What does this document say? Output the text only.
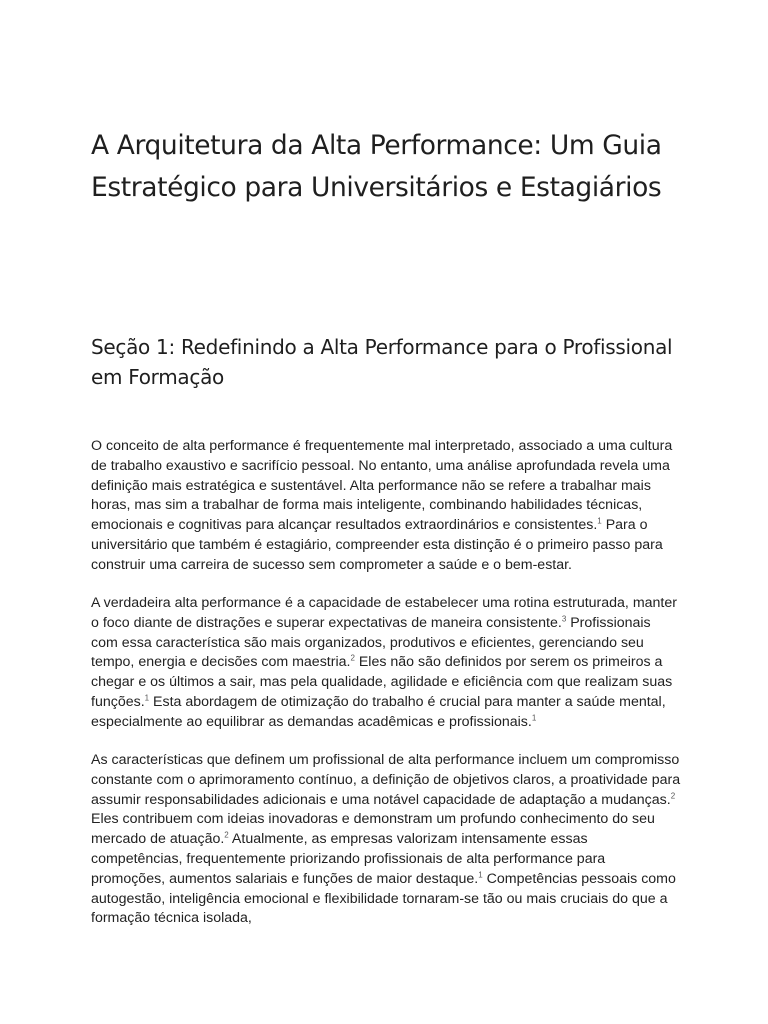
A Arquitetura da Alta Performance: Um Guia Estratégico para Universitários e Estagiários
Seção 1: Redefinindo a Alta Performance para o Profissional em Formação

O conceito de alta performance é frequentemente mal interpretado, associado a uma cultura de trabalho exaustivo e sacrifício pessoal. No entanto, uma análise aprofundada revela uma definição mais estratégica e sustentável. Alta performance não se refere a trabalhar mais horas, mas sim a trabalhar de forma mais inteligente, combinando habilidades técnicas, emocionais e cognitivas para alcançar resultados extraordinários e consistentes.$^1$ Para o universitário que também é estagiário, compreender esta distinção é o primeiro passo para construir uma carreira de sucesso sem comprometer a saúde e o bem-estar.

A verdadeira alta performance é a capacidade de estabelecer uma rotina estruturada, manter o foco diante de distrações e superar expectativas de maneira consistente.$^3$ Profissionais com essa característica são mais organizados, produtivos e eficientes, gerenciando seu tempo, energia e decisões com maestria.$^2$ Eles não são definidos por serem os primeiros a chegar e os últimos a sair, mas pela qualidade, agilidade e eficiência com que realizam suas funções.$^1$ Esta abordagem de otimização do trabalho é crucial para manter a saúde mental, especialmente ao equilibrar as demandas acadêmicas e profissionais.$^1$

As características que definem um profissional de alta performance incluem um compromisso constante com o aprimoramento contínuo, a definição de objetivos claros, a proatividade para assumir responsabilidades adicionais e uma notável capacidade de adaptação a mudanças.$^2$ Eles contribuem com ideias inovadoras e demonstram um profundo conhecimento do seu mercado de atuação.$^2$ Atualmente, as empresas valorizam intensamente essas competências, frequentemente priorizando profissionais de alta performance para promoções, aumentos salariais e funções de maior destaque.$^1$ Competências pessoais como autogestão, inteligência emocional e flexibilidade tornaram-se tão ou mais cruciais do que a formação técnica isolada,
